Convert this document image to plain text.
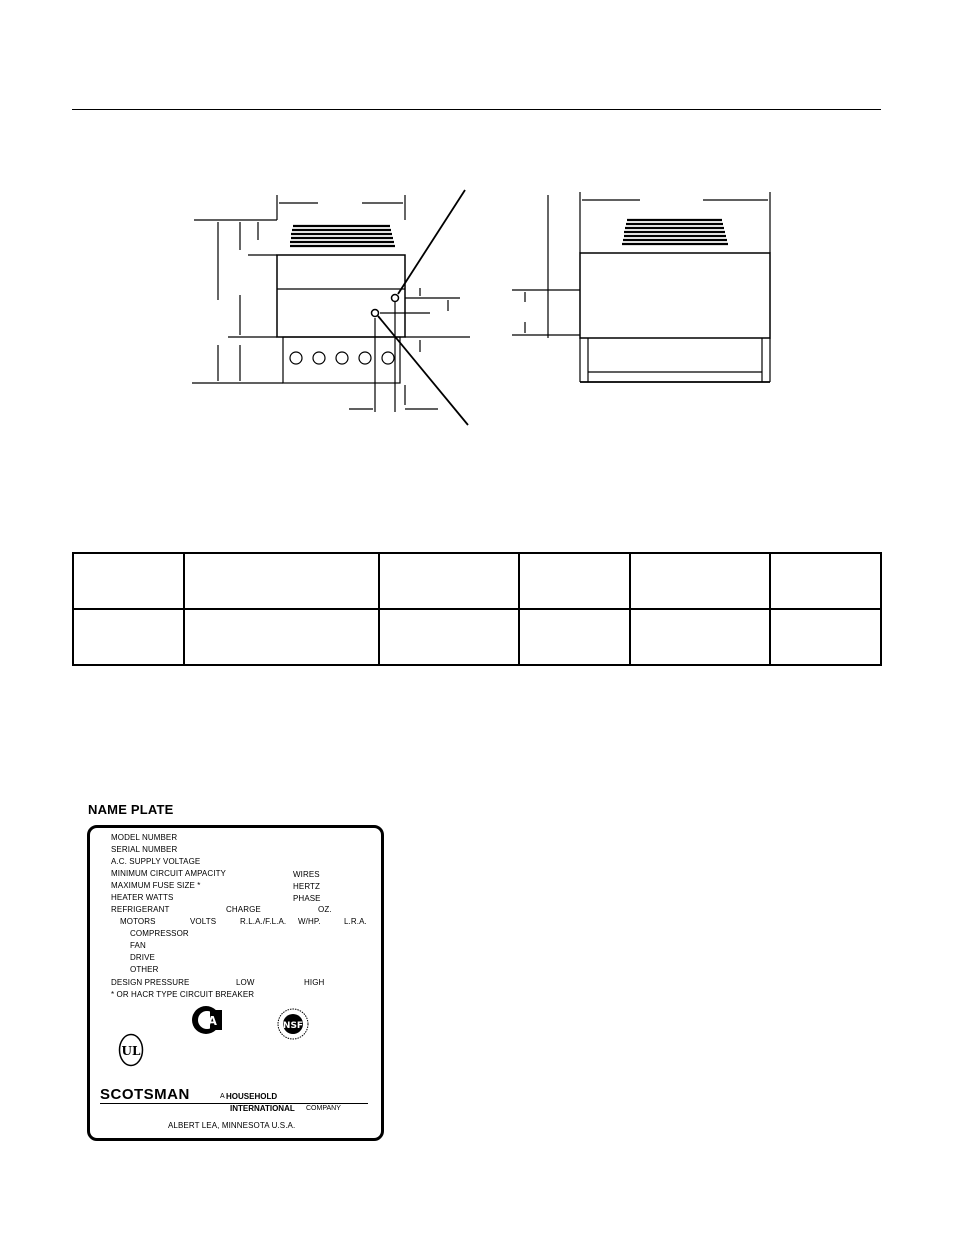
NAME PLATE
MODEL NUMBER
SERIAL NUMBER
A.C. SUPPLY VOLTAGE
MINIMUM CIRCUIT AMPACITY	WIRES
MAXIMUM FUSE SIZE *	HERTZ
HEATER WATTS	PHASE
REFRIGERANT	CHARGE	OZ.
MOTORS	VOLTS	R.L.A./F.L.A. W/HP.	L.R.A.
COMPRESSOR
FAN
DRIVE
OTHER
DESIGN PRESSURE	LOW	HIGH
* OR HACR TYPE CIRCUIT BREAKER
UL
SA	NSF
SCOTSMAN	A HOUSEHOLD
INTERNATIONAL COMPANY
ALBERT LEA, MINNESOTA U.S.A.
